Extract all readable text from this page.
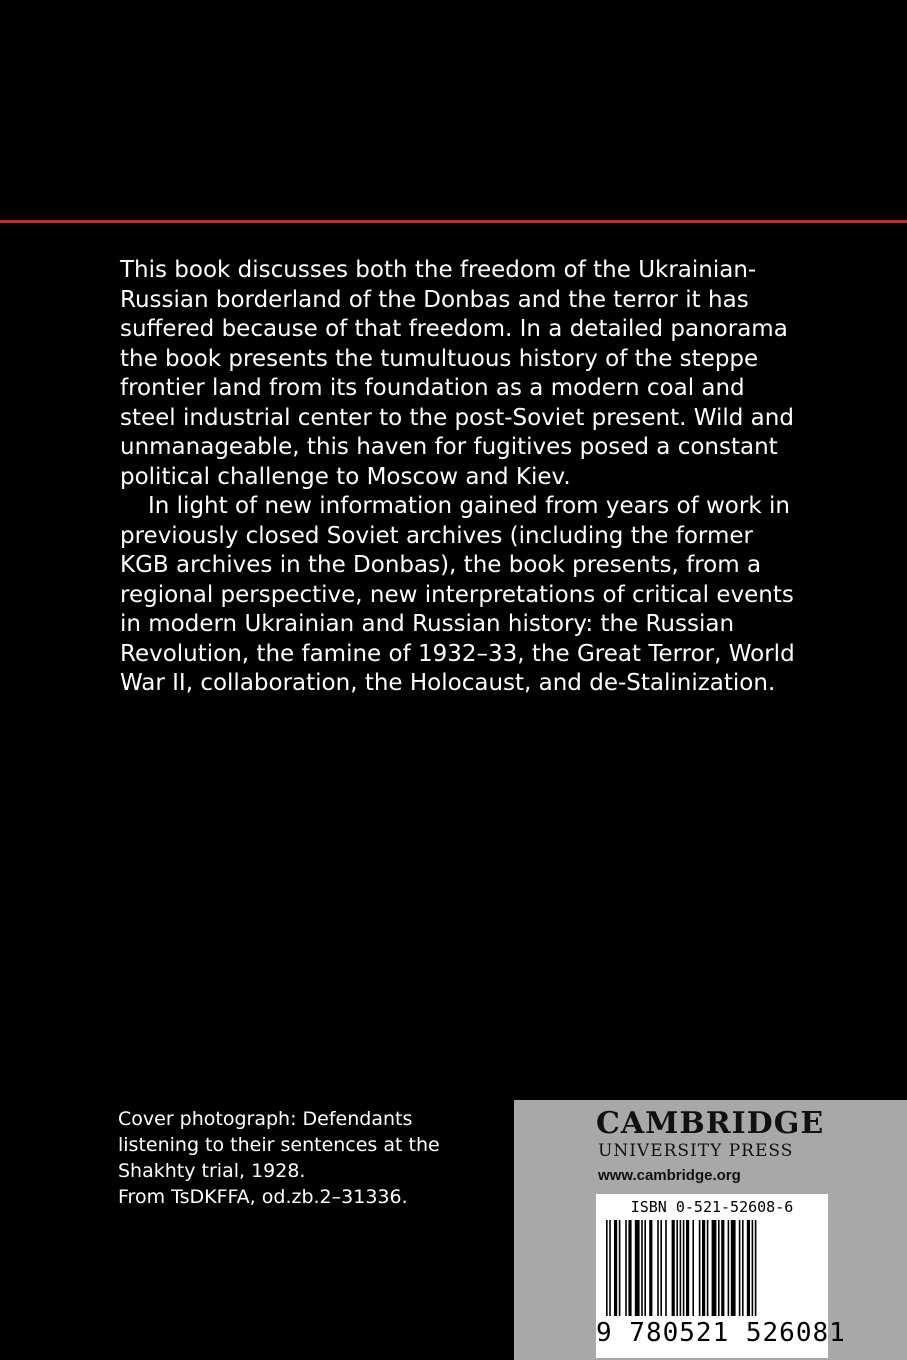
This book discusses both the freedom of the Ukrainian-Russian borderland of the Donbas and the terror it has suffered because of that freedom. In a detailed panorama the book presents the tumultuous history of the steppe frontier land from its foundation as a modern coal and steel industrial center to the post-Soviet present. Wild and unmanageable, this haven for fugitives posed a constant political challenge to Moscow and Kiev.

In light of new information gained from years of work in previously closed Soviet archives (including the former KGB archives in the Donbas), the book presents, from a regional perspective, new interpretations of critical events in modern Ukrainian and Russian history: the Russian Revolution, the famine of 1932–33, the Great Terror, World War II, collaboration, the Holocaust, and de-Stalinization.

Cover photograph: Defendants
listening to their sentences at the
Shakhty trial, 1928.
From TsDKFFA, od.zb.2–31336.
CAMBRIDGE
UNIVERSITY PRESS
www.cambridge.org
ISBN 0-521-52608-6
9 780521 526081
